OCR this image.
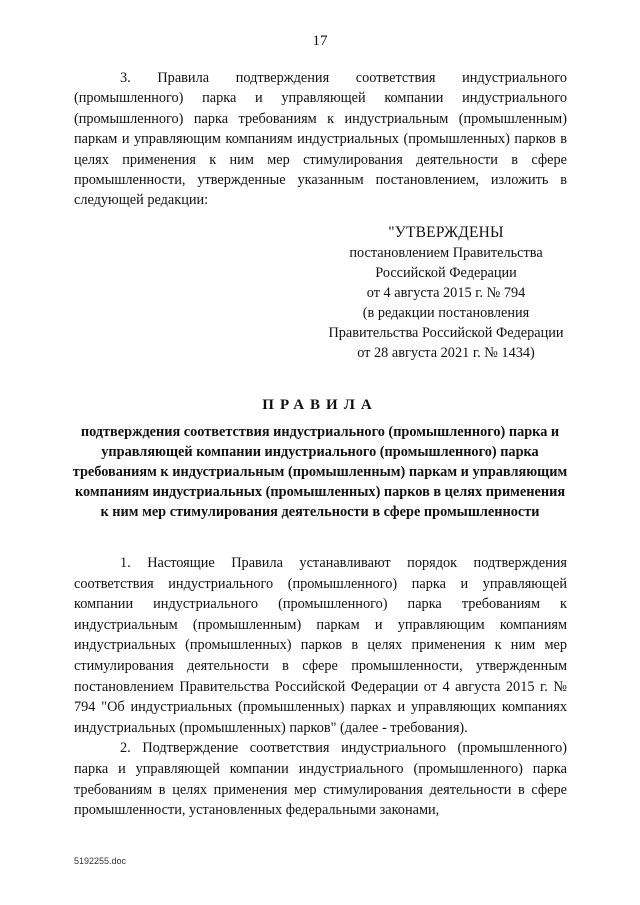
17
3. Правила подтверждения соответствия индустриального (промышленного) парка и управляющей компании индустриального (промышленного) парка требованиям к индустриальным (промышленным) паркам и управляющим компаниям индустриальных (промышленных) парков в целях применения к ним мер стимулирования деятельности в сфере промышленности, утвержденные указанным постановлением, изложить в следующей редакции:
"УТВЕРЖДЕНЫ
постановлением Правительства
Российской Федерации
от 4 августа 2015 г. № 794
(в редакции постановления
Правительства Российской Федерации
от 28 августа 2021 г. № 1434)
ПРАВИЛА
подтверждения соответствия индустриального (промышленного) парка и управляющей компании индустриального (промышленного) парка требованиям к индустриальным (промышленным) паркам и управляющим компаниям индустриальных (промышленных) парков в целях применения к ним мер стимулирования деятельности в сфере промышленности

1. Настоящие Правила устанавливают порядок подтверждения соответствия индустриального (промышленного) парка и управляющей компании индустриального (промышленного) парка требованиям к индустриальным (промышленным) паркам и управляющим компаниям индустриальных (промышленных) парков в целях применения к ним мер стимулирования деятельности в сфере промышленности, утвержденным постановлением Правительства Российской Федерации от 4 августа 2015 г. № 794 "Об индустриальных (промышленных) парках и управляющих компаниях индустриальных (промышленных) парков" (далее - требования).

2. Подтверждение соответствия индустриального (промышленного) парка и управляющей компании индустриального (промышленного) парка требованиям в целях применения мер стимулирования деятельности в сфере промышленности, установленных федеральными законами,

5192255.doc
